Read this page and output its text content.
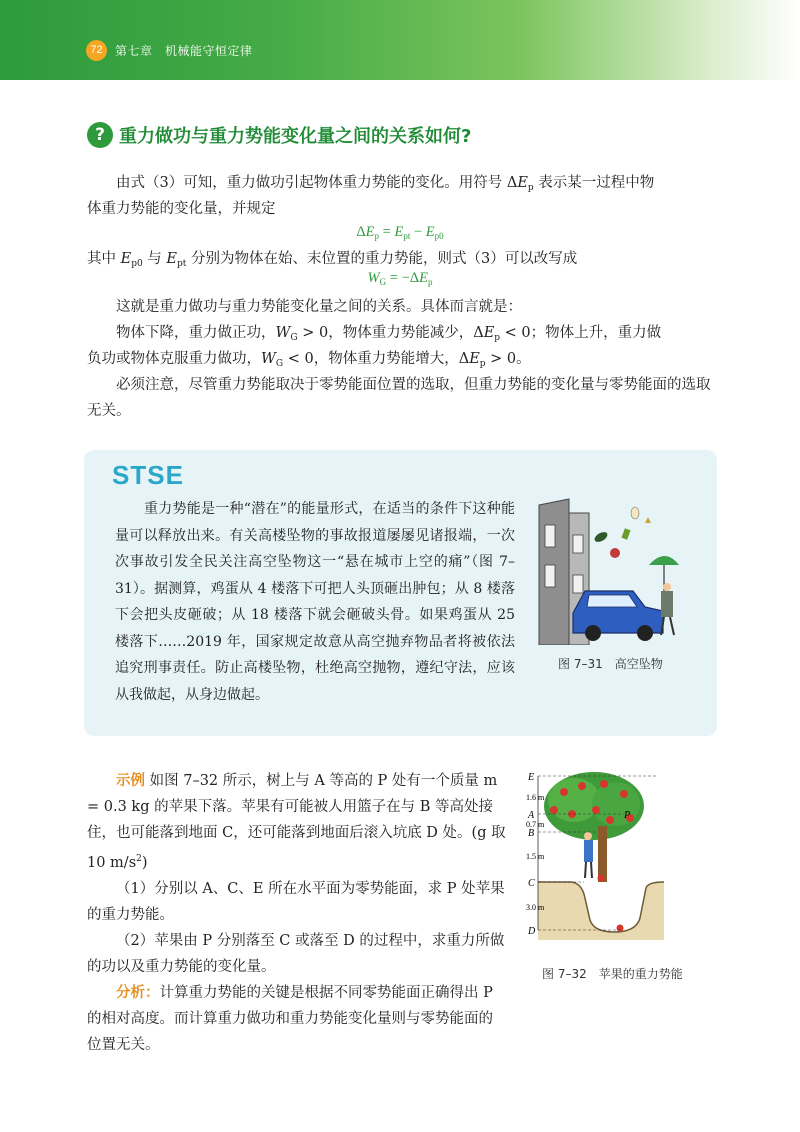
72	第七章　机械能守恒定律
? 重力做功与重力势能变化量之间的关系如何?
由式（3）可知，重力做功引起物体重力势能的变化。用符号 $\Delta E_p$ 表示某一过程中物
体重力势能的变化量，并规定
$\Delta E_p = E_{pt} - E_{p0}$
其中 $E_{p0}$ 与 $E_{pt}$ 分别为物体在始、末位置的重力势能，则式（3）可以改写成
$W_G = -\Delta E_p$
这就是重力做功与重力势能变化量之间的关系。具体而言就是：
物体下降，重力做正功，$W_G > 0$，物体重力势能减少，$\Delta E_p < 0$；物体上升，重力做
负功或物体克服重力做功，$W_G < 0$，物体重力势能增大，$\Delta E_p > 0$。
必须注意，尽管重力势能取决于零势能面位置的选取，但重力势能的变化量与零势能面的选取无关。
STSE
重力势能是一种“潜在”的能量形式，在适当的条件下这种能量可以释放出来。有关高楼坠物的事故报道屡屡见诸报端，一次次事故引发全民关注高空坠物这一“悬在城市上空的痛”（图 7–31）。据测算，鸡蛋从 4 楼落下可把人头顶砸出肿包；从 8 楼落下会把头皮砸破；从 18 楼落下就会砸破头骨。如果鸡蛋从 25 楼落下……2019 年，国家规定故意从高空抛弃物品者将被依法追究刑事责任。防止高楼坠物，杜绝高空抛物，遵纪守法，应该从我做起，从身边做起。
图 7–31　高空坠物
示例 如图 7–32 所示，树上与 A 等高的 P 处有一个质量 m = 0.3 kg 的苹果下落。苹果有可能被人用篮子在与 B 等高处接住，也可能落到地面 C，还可能落到地面后滚入坑底 D 处。(g 取 10 $m/s^2$)
（1）分别以 A、C、E 所在水平面为零势能面，求 P 处苹果的重力势能。
（2）苹果由 P 分别落至 C 或落至 D 的过程中，求重力所做的功以及重力势能的变化量。
分析：计算重力势能的关键是根据不同零势能面正确得出 P 的相对高度。而计算重力做功和重力势能变化量则与零势能面的位置无关。
E
1.6 m
A
0.7 m
B
1.5 m
C
3.0 m
D
P
图 7–32　苹果的重力势能
